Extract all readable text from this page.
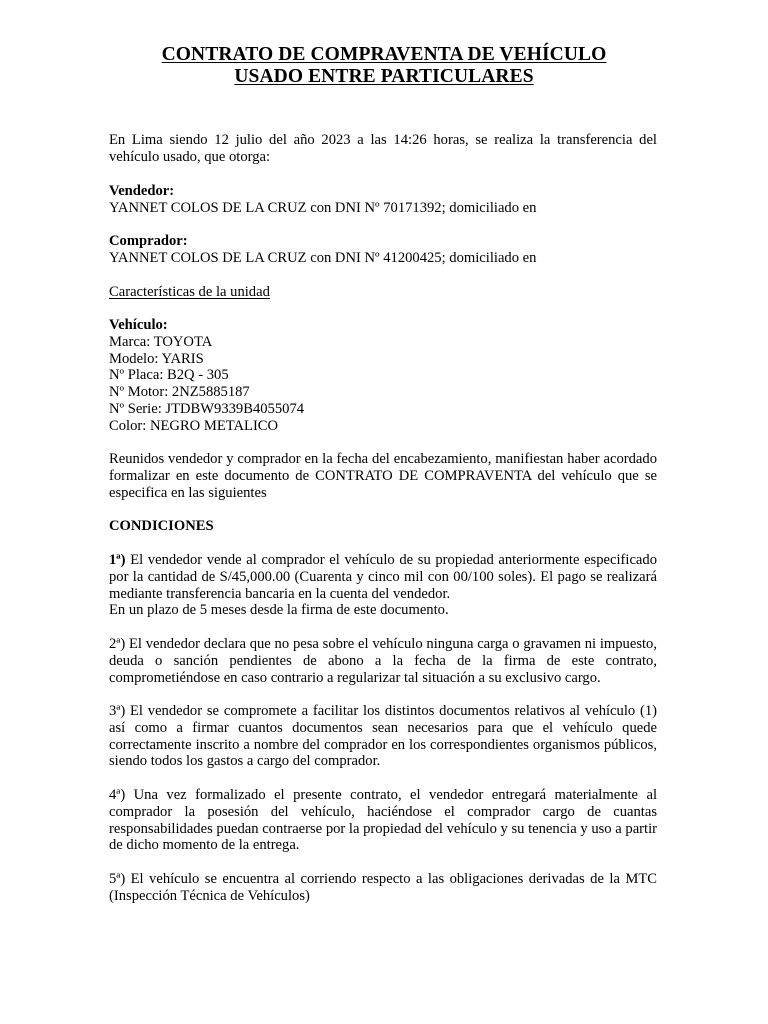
CONTRATO DE COMPRAVENTA DE VEHÍCULO
USADO ENTRE PARTICULARES
En Lima siendo 12 julio del año 2023 a las 14:26 horas, se realiza la transferencia del vehículo usado, que otorga:
Vendedor:
YANNET COLOS DE LA CRUZ con DNI Nº 70171392; domiciliado en
Comprador:
YANNET COLOS DE LA CRUZ con DNI Nº 41200425; domiciliado en
Características de la unidad
Vehículo:
Marca: TOYOTA
Modelo: YARIS
Nº Placa: B2Q - 305
Nº Motor: 2NZ5885187
Nº Serie: JTDBW9339B4055074
Color: NEGRO METALICO
Reunidos vendedor y comprador en la fecha del encabezamiento, manifiestan haber acordado formalizar en este documento de CONTRATO DE COMPRAVENTA del vehículo que se especifica en las siguientes
CONDICIONES
1ª) El vendedor vende al comprador el vehículo de su propiedad anteriormente especificado por la cantidad de S/45,000.00 (Cuarenta y cinco mil con 00/100 soles). El pago se realizará mediante transferencia bancaria en la cuenta del vendedor.
En un plazo de 5 meses desde la firma de este documento.
2ª) El vendedor declara que no pesa sobre el vehículo ninguna carga o gravamen ni impuesto, deuda o sanción pendientes de abono a la fecha de la firma de este contrato, comprometiéndose en caso contrario a regularizar tal situación a su exclusivo cargo.
3ª) El vendedor se compromete a facilitar los distintos documentos relativos al vehículo (1) así como a firmar cuantos documentos sean necesarios para que el vehículo quede correctamente inscrito a nombre del comprador en los correspondientes organismos públicos, siendo todos los gastos a cargo del comprador.
4ª) Una vez formalizado el presente contrato, el vendedor entregará materialmente al comprador la posesión del vehículo, haciéndose el comprador cargo de cuantas responsabilidades puedan contraerse por la propiedad del vehículo y su tenencia y uso a partir de dicho momento de la entrega.
5ª) El vehículo se encuentra al corriendo respecto a las obligaciones derivadas de la MTC (Inspección Técnica de Vehículos)
